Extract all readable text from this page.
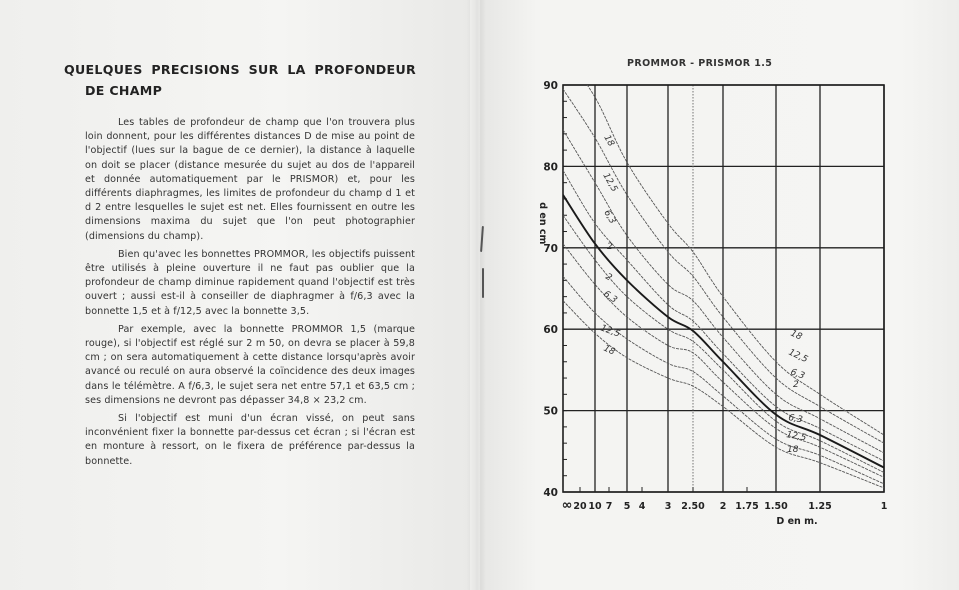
QUELQUES PRECISIONS SUR LA PROFONDEUR
DE CHAMP

Les tables de profondeur de champ que l'on trouvera plus loin donnent, pour les différentes distances D de mise au point de l'objectif (lues sur la bague de ce dernier), la distance à laquelle on doit se placer (distance mesurée du sujet au dos de l'appareil et donnée automatiquement par le PRISMOR) et, pour les différents diaphragmes, les limites de profondeur du champ d 1 et d 2 entre lesquelles le sujet est net. Elles fournissent en outre les dimensions maxima du sujet que l'on peut photographier (dimensions du champ).

Bien qu'avec les bonnettes PROMMOR, les objectifs puissent être utilisés à pleine ouverture il ne faut pas oublier que la profondeur de champ diminue rapidement quand l'objectif est très ouvert ; aussi est-il à conseiller de diaphragmer à f/6,3 avec la bonnette 1,5 et à f/12,5 avec la bonnette 3,5.

Par exemple, avec la bonnette PROMMOR 1,5 (marque rouge), si l'objectif est réglé sur 2 m 50, on devra se placer à 59,8 cm ; on sera automatiquement à cette distance lorsqu'après avoir avancé ou reculé on aura observé la coïncidence des deux images dans le télémètre. A f/6,3, le sujet sera net entre 57,1 et 63,5 cm ; ses dimensions ne devront pas dépasser 34,8 × 23,2 cm.

Si l'objectif est muni d'un écran vissé, on peut sans inconvénient fixer la bonnette par-dessus cet écran ; si l'écran est en monture à ressort, on le fixera de préférence par-dessus la bonnette.

PROMMOR - PRISMOR 1.5
40
50
60
70
80
90
∞ 20 10 7 5 4 3 2.50 2 1.75 1.50 1.25	1
D en m.
d en cm
18
12,5
6,3
2
2
6,3
12,5
18
18
12,5
6,3
2
6,3
12,5
18
